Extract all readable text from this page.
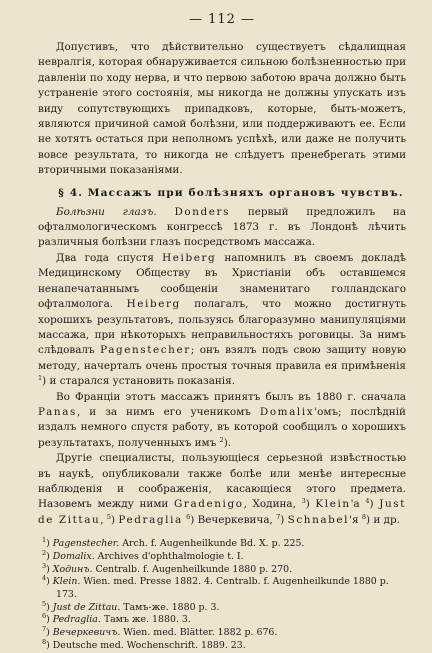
— 112 —

Допустивъ, что дѣйствительно существуетъ сѣдалищная невралгія, которая обнаруживается сильною болѣзненностью при давленіи по ходу нерва, и что первою заботою врача должно быть устраненіе этого состоянія, мы никогда не должны упускать изъ виду сопутствующихъ припадковъ, которые, быть-можетъ, являются причиной самой болѣзни, или поддерживаютъ ее. Если не хотятъ остаться при неполномъ успѣхѣ, или даже не получить вовсе результата, то никогда не слѣдуетъ пренебрегать этими вторичными показаніями.

§ 4. Массажъ при болѣзняхъ органовъ чувствъ.

Болѣзни глазъ. Donders первый предложилъ на офталмологическомъ конгрессѣ 1873 г. въ Лондонѣ лѣчить различныя болѣзни глазъ посредствомъ массажа.

Два года спустя Heiberg напомнилъ въ своемъ докладѣ Медицинскому Обществу въ Христіаніи объ оставшемся ненапечатаннымъ сообщеніи знаменитаго голландскаго офталмолога. Heiberg полагалъ, что можно достигнуть хорошихъ результатовъ, пользуясь благоразумно манипуляціями массажа, при нѣкоторыхъ неправильностяхъ роговицы. За нимъ слѣдовалъ Pagenstecher; онъ взялъ подъ свою защиту новую методу, начерталъ очень простыя точныя правила ея примѣненія $^1$) и старался установить показанія.

Во Франціи этотъ массажъ принятъ былъ въ 1880 г. сначала Panas, и за нимъ его ученикомъ Domalix'омъ; послѣдній издалъ немного спустя работу, въ которой сообщилъ о хорошихъ результатахъ, полученныхъ имъ $^2$).

Другіе специалисты, пользующіеся серьезной извѣстностью въ наукѣ, опубликовали также болѣе или менѣе интересные наблюденія и соображенія, касающіеся этого предмета. Назовемъ между ними Gradenigo, Ходина, $^3$) Klein'а $^4$) Just de Zittau, $^5$) Pedraglia $^6$) Вечеркевича, $^7$) Schnabel'я $^8$) и др.

$^1$) Pagenstecher. Arch. f. Augenheilkunde Bd. X. p. 225.
$^2$) Domalix. Archives d'ophthalmologie t. I.
$^3$) Ходинъ. Centralb. f. Augenheilkunde 1880 p. 270.
$^4$) Klein. Wien. med. Presse 1882. 4. Centralb. f. Augenheilkunde 1880 p. 173.
$^5$) Just de Zittau. Тамъ-же. 1880 p. 3.
$^6$) Pedraglia. Тамъ же. 1880. 3.
$^7$) Вечеркевичъ. Wien. med. Blätter. 1882 p. 676.
$^8$) Deutsche med. Wochenschrift. 1889. 23.
